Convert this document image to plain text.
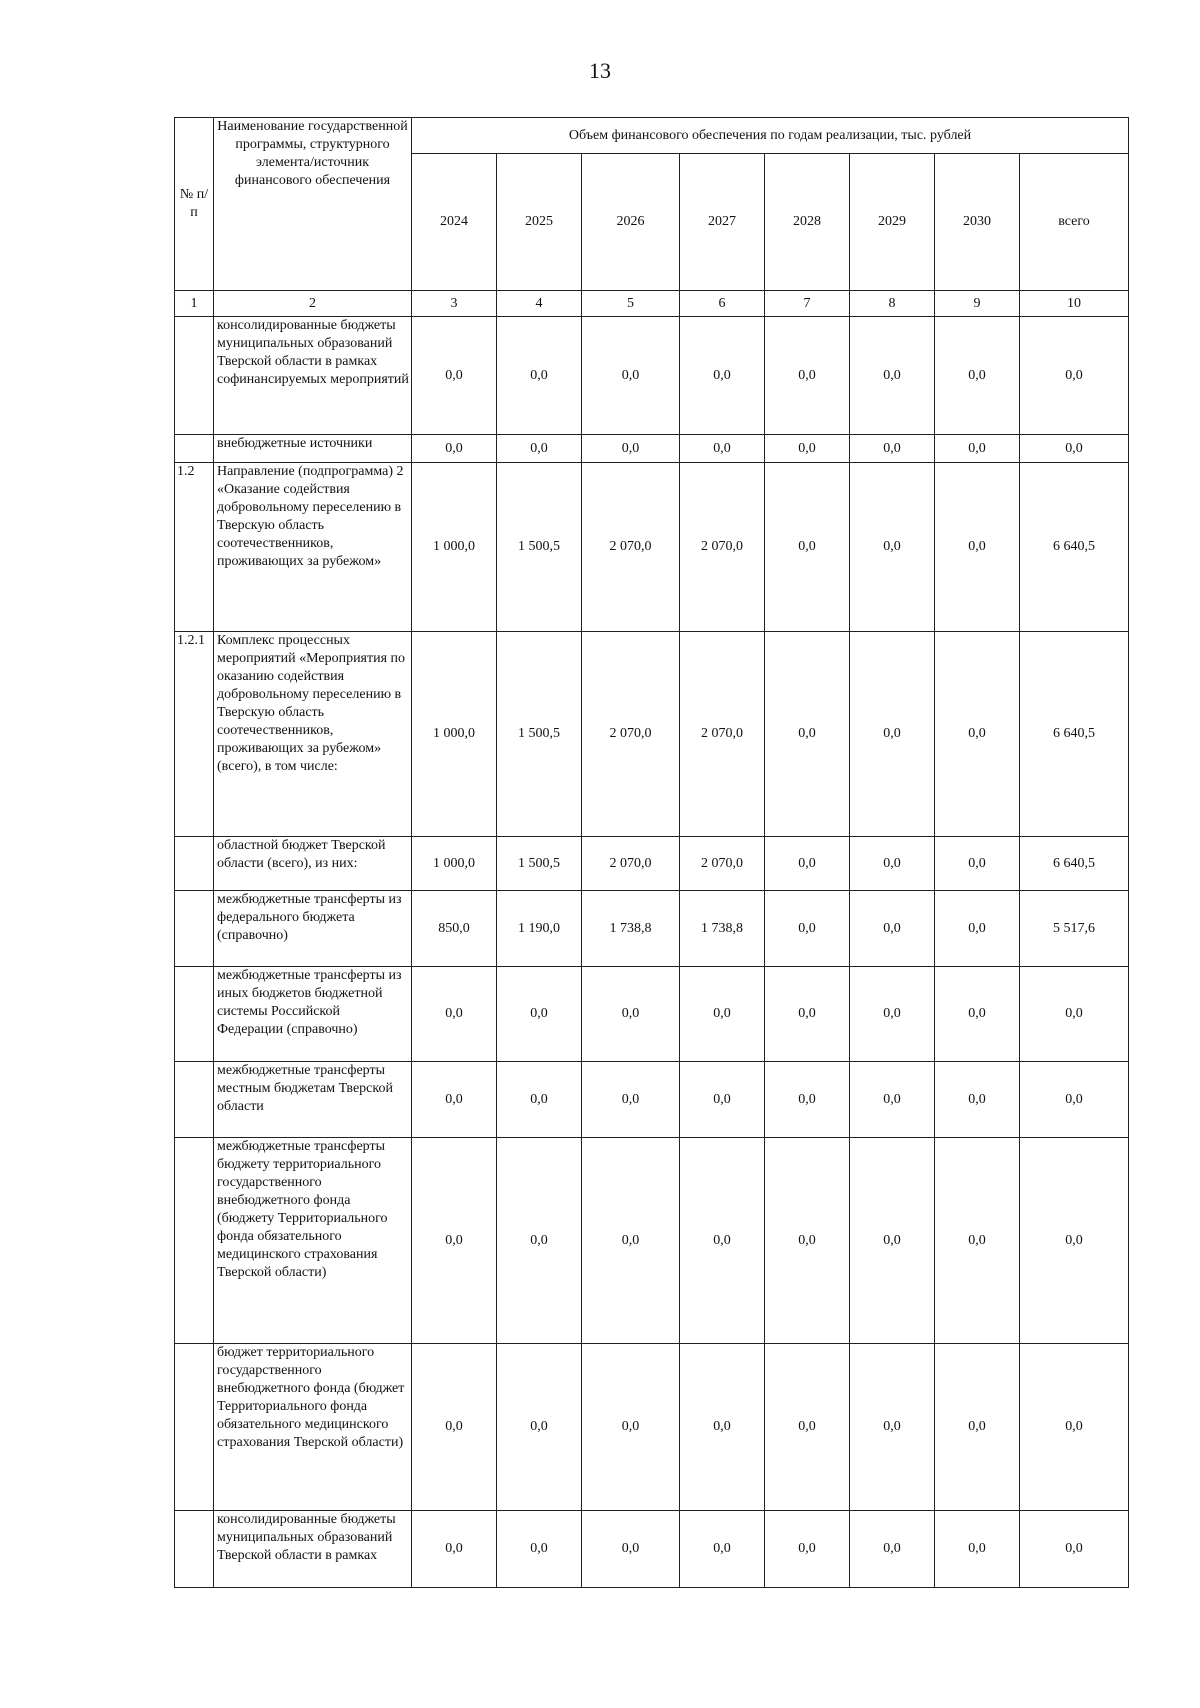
13
№ п/п	Наименование государственной программы, структурного элемента/источник финансового обеспечения	Объем финансового обеспечения по годам реализации, тыс. рублей							
		2024	2025	2026	2027	2028	2029	2030	всего
1	2	3	4	5	6	7	8	9	10
	консолидированные бюджеты муниципальных образований Тверской области в рамках софинансируемых мероприятий	0,0	0,0	0,0	0,0	0,0	0,0	0,0	0,0
	внебюджетные источники	0,0	0,0	0,0	0,0	0,0	0,0	0,0	0,0
1.2	Направление (подпрограмма) 2 «Оказание содействия добровольному переселению в Тверскую область соотечественников, проживающих за рубежом»	1 000,0	1 500,5	2 070,0	2 070,0	0,0	0,0	0,0	6 640,5
1.2.1	Комплекс процессных мероприятий «Мероприятия по оказанию содействия добровольному переселению в Тверскую область соотечественников, проживающих за рубежом» (всего), в том числе:	1 000,0	1 500,5	2 070,0	2 070,0	0,0	0,0	0,0	6 640,5
	областной бюджет Тверской области (всего), из них:	1 000,0	1 500,5	2 070,0	2 070,0	0,0	0,0	0,0	6 640,5
	межбюджетные трансферты из федерального бюджета (справочно)	850,0	1 190,0	1 738,8	1 738,8	0,0	0,0	0,0	5 517,6
	межбюджетные трансферты из иных бюджетов бюджетной системы Российской Федерации (справочно)	0,0	0,0	0,0	0,0	0,0	0,0	0,0	0,0
	межбюджетные трансферты местным бюджетам Тверской области	0,0	0,0	0,0	0,0	0,0	0,0	0,0	0,0
	межбюджетные трансферты бюджету территориального государственного внебюджетного фонда (бюджету Территориального фонда обязательного медицинского страхования Тверской области)	0,0	0,0	0,0	0,0	0,0	0,0	0,0	0,0
	бюджет территориального государственного внебюджетного фонда (бюджет Территориального фонда обязательного медицинского страхования Тверской области)	0,0	0,0	0,0	0,0	0,0	0,0	0,0	0,0
	консолидированные бюджеты муниципальных образований Тверской области в рамках	0,0	0,0	0,0	0,0	0,0	0,0	0,0	0,0
